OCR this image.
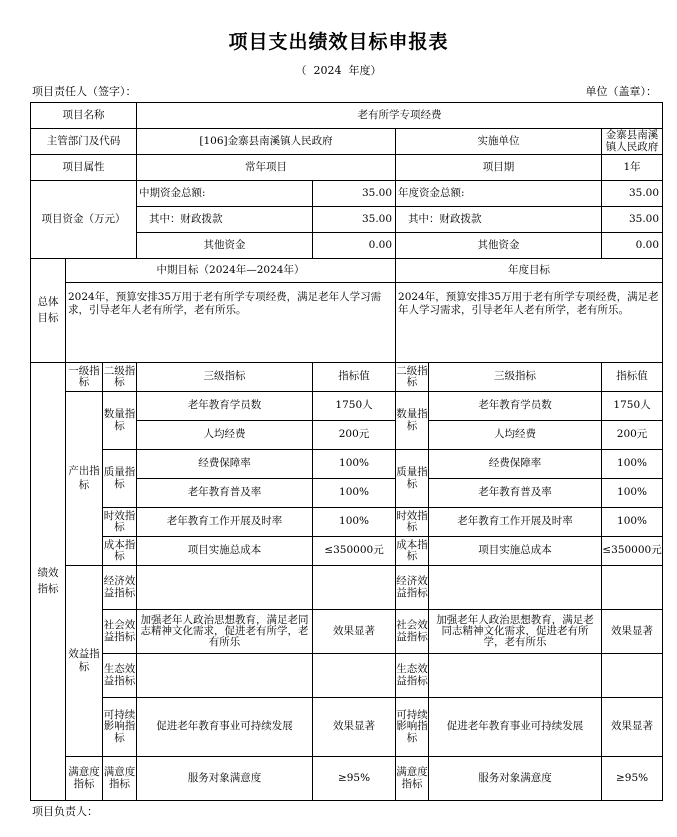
项目支出绩效目标申报表
（ 2024 年度）
项目责任人（签字）：	单位（盖章）：
项目名称			老有所学专项经费				
主管部门及代码			[106]金寨县南溪镇人民政府		实施单位		金寨县南溪镇人民政府
项目属性			常年项目		项目期		1年
项目资金（万元）			中期资金总额:	35.00	年度资金总额:		35.00
			其中：财政拨款	35.00	其中：财政拨款		35.00
			其他资金	0.00	其他资金		0.00
总体目标	中期目标（2024年—2024年）				年度目标		
	2024年，预算安排35万用于老有所学专项经费，满足老年人学习需求，引导老年人老有所学，老有所乐。				2024年，预算安排35万用于老有所学专项经费，满足老年人学习需求，引导老年人老有所学，老有所乐。		
绩效指标	一级指标	二级指标	三级指标	指标值	二级指标	三级指标	指标值
	产出指标	数量指标	老年教育学员数	1750人	数量指标	老年教育学员数	1750人
			人均经费	200元		人均经费	200元
		质量指标	经费保障率	100%	质量指标	经费保障率	100%
			老年教育普及率	100%		老年教育普及率	100%
		时效指标	老年教育工作开展及时率	100%	时效指标	老年教育工作开展及时率	100%
		成本指标	项目实施总成本	≤350000元	成本指标	项目实施总成本	≤350000元
	效益指标	经济效益指标			经济效益指标		
		社会效益指标	加强老年人政治思想教育，满足老同志精神文化需求，促进老有所学，老有所乐	效果显著	社会效益指标	加强老年人政治思想教育，满足老同志精神文化需求，促进老有所学，老有所乐	效果显著
		生态效益指标			生态效益指标		
		可持续影响指标	促进老年教育事业可持续发展	效果显著	可持续影响指标	促进老年教育事业可持续发展	效果显著
	满意度指标	满意度指标	服务对象满意度	≥95%	满意度指标	服务对象满意度	≥95%
项目负责人：
